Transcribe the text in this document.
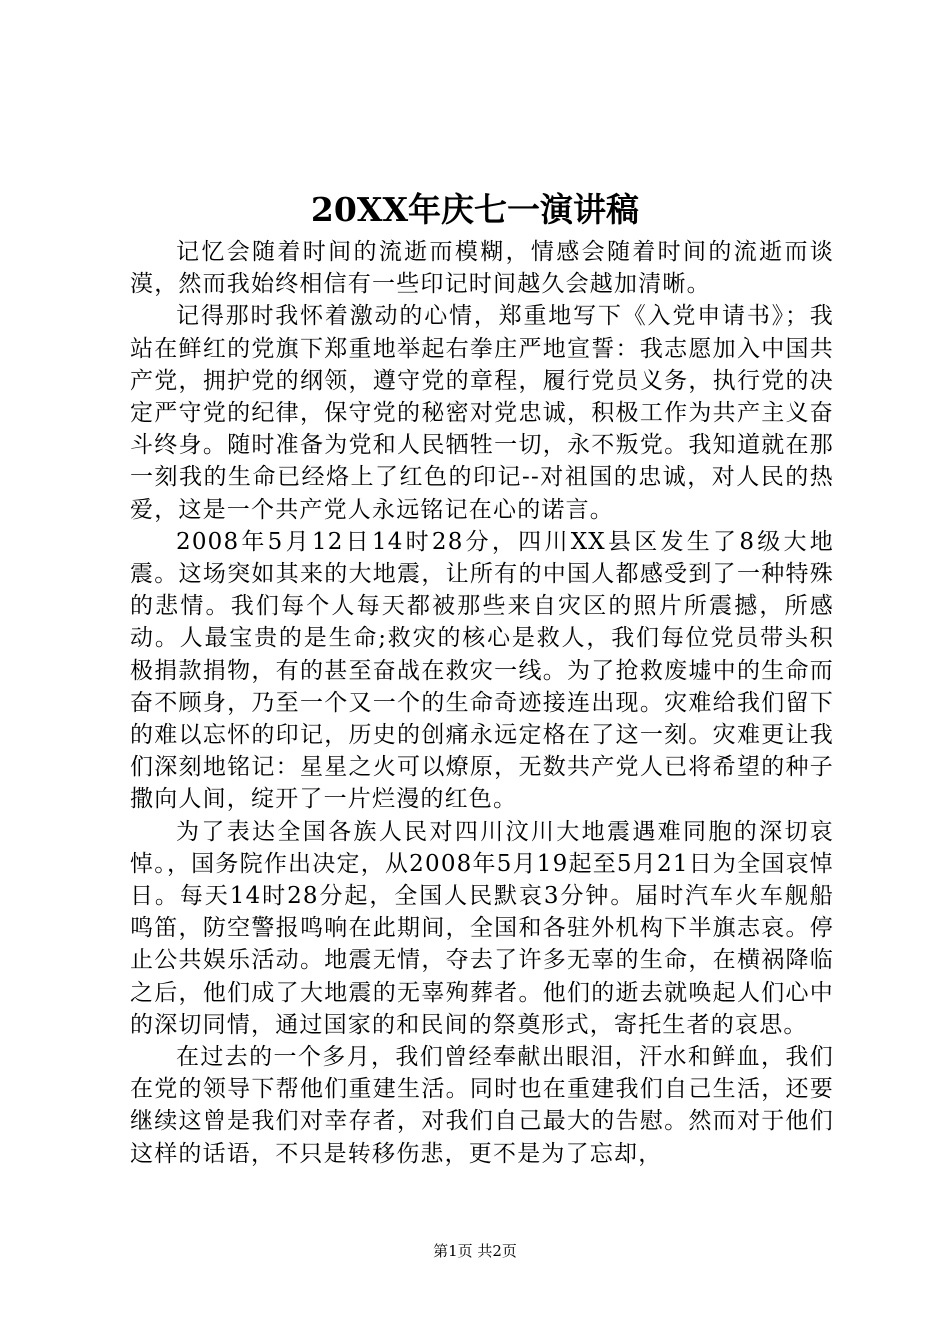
20XX年庆七一演讲稿

记忆会随着时间的流逝而模糊，情感会随着时间的流逝而谈漠，然而我始终相信有一些印记时间越久会越加清晰。

记得那时我怀着激动的心情，郑重地写下《入党申请书》；我站在鲜红的党旗下郑重地举起右拳庄严地宣誓：我志愿加入中国共产党，拥护党的纲领，遵守党的章程，履行党员义务，执行党的决定严守党的纪律，保守党的秘密对党忠诚，积极工作为共产主义奋斗终身。随时准备为党和人民牺牲一切，永不叛党。我知道就在那一刻我的生命已经烙上了红色的印记--对祖国的忠诚，对人民的热爱，这是一个共产党人永远铭记在心的诺言。

2008年5月12日14时28分，四川XX县区发生了8级大地震。这场突如其来的大地震，让所有的中国人都感受到了一种特殊的悲情。我们每个人每天都被那些来自灾区的照片所震撼，所感动。人最宝贵的是生命;救灾的核心是救人，我们每位党员带头积极捐款捐物，有的甚至奋战在救灾一线。为了抢救废墟中的生命而奋不顾身，乃至一个又一个的生命奇迹接连出现。灾难给我们留下的难以忘怀的印记，历史的创痛永远定格在了这一刻。灾难更让我们深刻地铭记：星星之火可以燎原，无数共产党人已将希望的种子撒向人间，绽开了一片烂漫的红色。

为了表达全国各族人民对四川汶川大地震遇难同胞的深切哀悼。，国务院作出决定，从2008年5月19起至5月21日为全国哀悼日。每天14时28分起，全国人民默哀3分钟。届时汽车火车舰船鸣笛，防空警报鸣响在此期间，全国和各驻外机构下半旗志哀。停止公共娱乐活动。地震无情，夺去了许多无辜的生命，在横祸降临之后，他们成了大地震的无辜殉葬者。他们的逝去就唤起人们心中的深切同情，通过国家的和民间的祭奠形式，寄托生者的哀思。

在过去的一个多月，我们曾经奉献出眼泪，汗水和鲜血，我们在党的领导下帮他们重建生活。同时也在重建我们自己生活，还要继续这曾是我们对幸存者，对我们自己最大的告慰。然而对于他们这样的话语，不只是转移伤悲，更不是为了忘却，

第1页 共2页
